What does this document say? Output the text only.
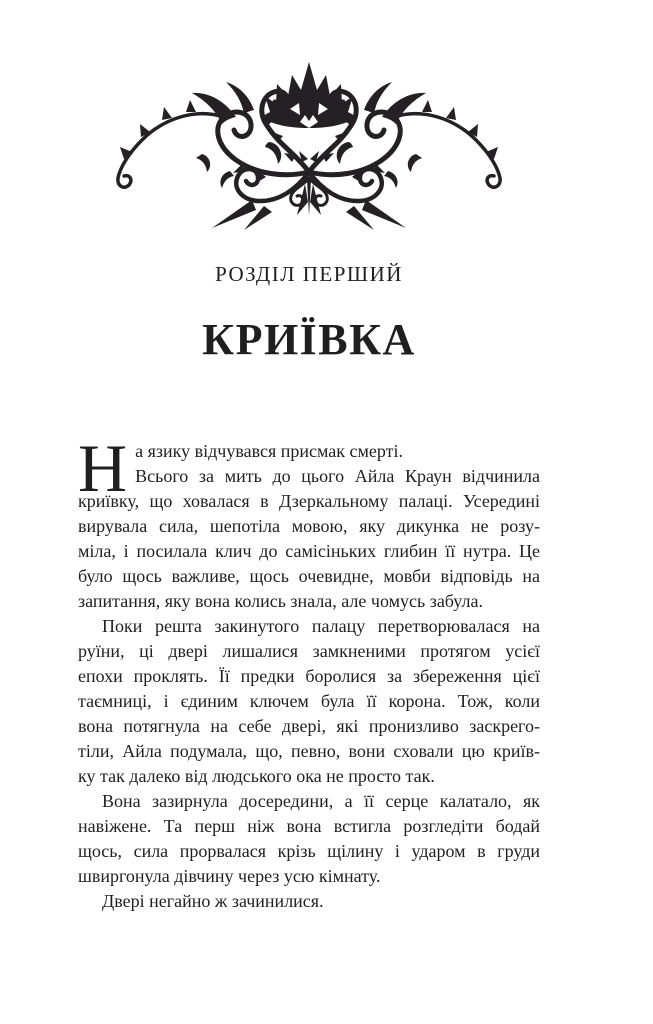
РОЗДІЛ ПЕРШИЙ
КРИЇВКА
Н а язику відчувався присмак смерті.
Всього за мить до цього Айла Краун відчинила
криївку, що ховалася в Дзеркальному палаці. Усередині
вирувала сила, шепотіла мовою, яку дикунка не розу-
міла, і посилала клич до самісіньких глибин її нутра. Це
було щось важливе, щось очевидне, мовби відповідь на
запитання, яку вона колись знала, але чомусь забула.
Поки решта закинутого палацу перетворювалася на
руїни, ці двері лишалися замкненими протягом усієї
епохи проклять. Її предки боролися за збереження цієї
таємниці, і єдиним ключем була її корона. Тож, коли
вона потягнула на себе двері, які пронизливо заскрего-
тіли, Айла подумала, що, певно, вони сховали цю криїв-
ку так далеко від людського ока не просто так.
Вона зазирнула досередини, а її серце калатало, як
навіжене. Та перш ніж вона встигла розгледіти бодай
щось, сила прорвалася крізь щілину і ударом в груди
швиргонула дівчину через усю кімнату.
Двері негайно ж зачинилися.
